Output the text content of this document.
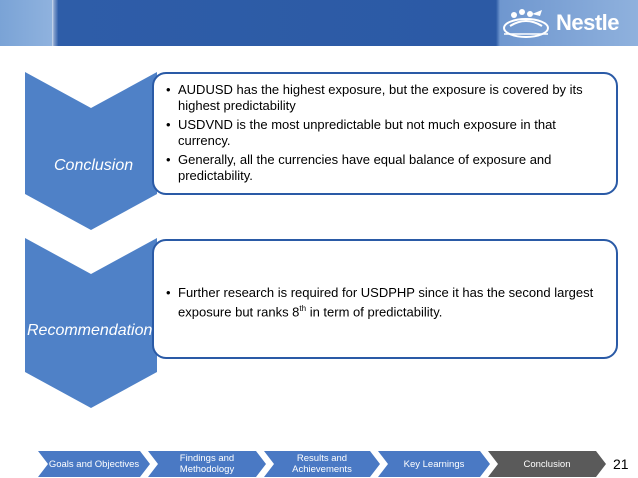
Nestle
Conclusion
Recommendation
• AUDUSD has the highest exposure, but the exposure is covered by its highest predictability
• USDVND is the most unpredictable but not much exposure in that currency.
• Generally, all the currencies have equal balance of exposure and predictability.
• Further research is required for USDPHP since it has the second largest exposure but ranks 8th in term of predictability.
Goals and Objectives	Findings and Methodology
Results and Achievements	Key Learnings	Conclusion	21
